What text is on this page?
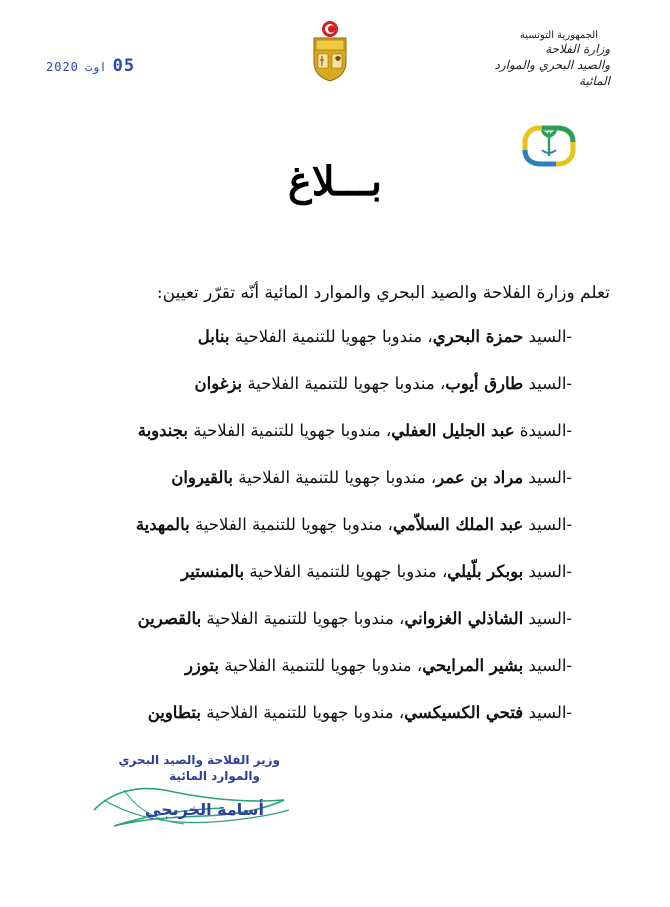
الجمهورية التونسية
وزارة الفلاحة
والصيد البحري والموارد المائية
2020 اوت 05
بـــلاغ
تعلم وزارة الفلاحة والصيد البحري والموارد المائية أنّه تقرّر تعيين:
-السيد حمزة البحري، مندوبا جهويا للتنمية الفلاحية بنابل
-السيد طارق أيوب، مندوبا جهويا للتنمية الفلاحية بزغوان
-السيدة عبد الجليل العفلي، مندوبا جهويا للتنمية الفلاحية بجندوبة
-السيد مراد بن عمر، مندوبا جهويا للتنمية الفلاحية بالقيروان
-السيد عبد الملك السلاّمي، مندوبا جهويا للتنمية الفلاحية بالمهدية
-السيد بوبكر بلّيلي، مندوبا جهويا للتنمية الفلاحية بالمنستير
-السيد الشاذلي الغزواني، مندوبا جهويا للتنمية الفلاحية بالقصرين
-السيد بشير المرايحي، مندوبا جهويا للتنمية الفلاحية بتوزر
-السيد فتحي الكسيكسي، مندوبا جهويا للتنمية الفلاحية بتطاوين
وزير الفلاحة والصيد البحري
والموارد المائية
أسامة الخريجي
